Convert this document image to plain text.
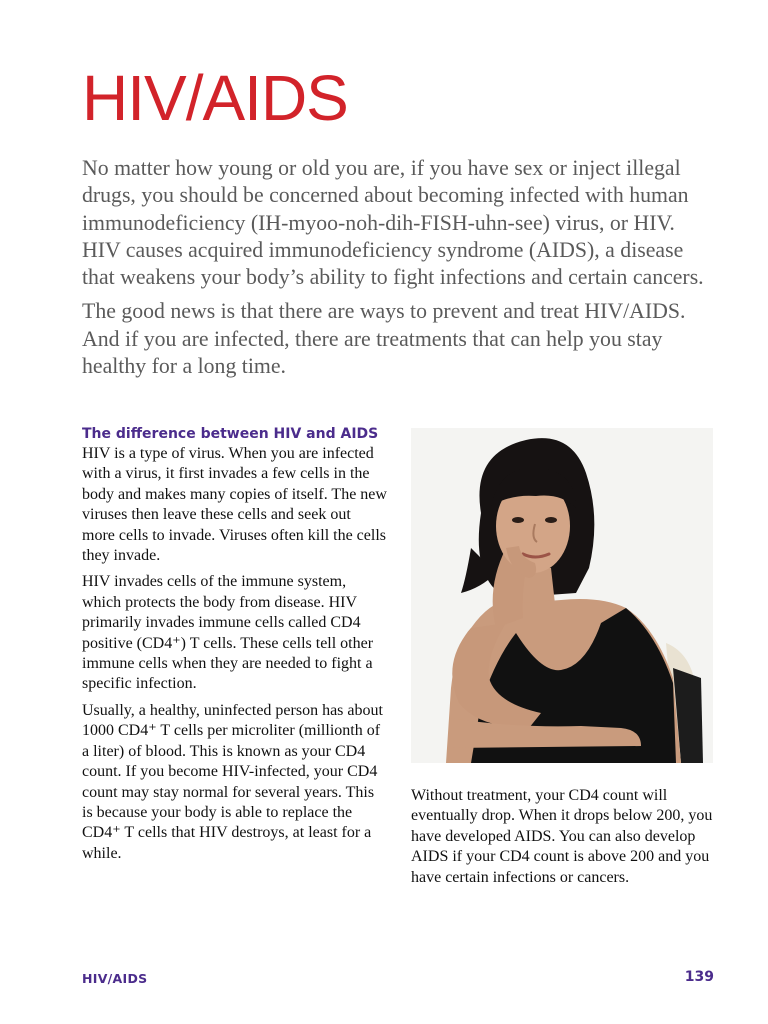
HIV/AIDS

No matter how young or old you are, if you have sex or inject illegal drugs, you should be concerned about becoming infected with human immunodeficiency (IH-myoo-noh-dih-FISH-uhn-see) virus, or HIV. HIV causes acquired immunodeficiency syndrome (AIDS), a disease that weakens your body’s ability to fight infections and certain cancers.

The good news is that there are ways to prevent and treat HIV/AIDS. And if you are infected, there are treatments that can help you stay healthy for a long time.

The difference between HIV and AIDS

HIV is a type of virus. When you are infected with a virus, it first invades a few cells in the body and makes many copies of itself. The new viruses then leave these cells and seek out more cells to invade. Viruses often kill the cells they invade.

HIV invades cells of the immune system, which protects the body from disease. HIV primarily invades immune cells called CD4 positive (CD4⁺) T cells. These cells tell other immune cells when they are needed to fight a specific infection.

Usually, a healthy, uninfected person has about 1000 CD4⁺ T cells per microliter (millionth of a liter) of blood. This is known as your CD4 count. If you become HIV-infected, your CD4 count may stay normal for several years. This is because your body is able to replace the CD4⁺ T cells that HIV destroys, at least for a while.

Without treatment, your CD4 count will eventually drop. When it drops below 200, you have developed AIDS. You can also develop AIDS if your CD4 count is above 200 and you have certain infections or cancers.

HIV/AIDS	139
